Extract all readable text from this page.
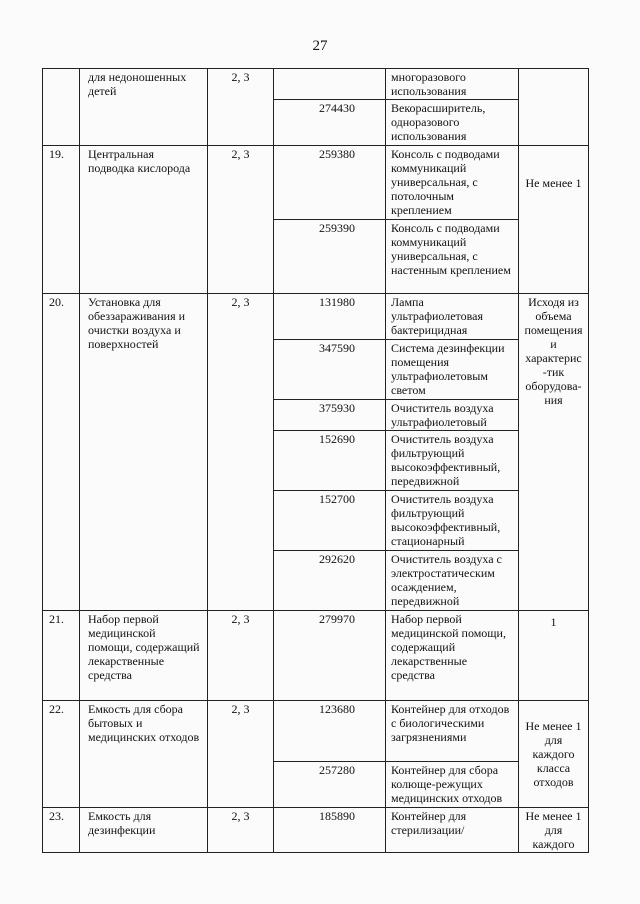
27
	для недоношенных детей	2, 3		многоразового использования	
			274430	Векорасширитель, одноразового использования	
19.	Центральная подводка кислорода	2, 3	259380	Консоль с подводами коммуникаций универсальная, с потолочным креплением	Не менее 1
			259390	Консоль с подводами коммуникаций универсальная, с настенным креплением	
20.	Установка для обеззараживания и очистки воздуха и поверхностей	2, 3	131980	Лампа ультрафиолетовая бактерицидная	Исходя из объема помещения и характерис-тик оборудова-ния
			347590	Система дезинфекции помещения ультрафиолетовым светом	
			375930	Очиститель воздуха ультрафиолетовый	
			152690	Очиститель воздуха фильтрующий высокоэффективный, передвижной	
			152700	Очиститель воздуха фильтрующий высокоэффективный, стационарный	
			292620	Очиститель воздуха с электростатическим осаждением, передвижной	
21.	Набор первой медицинской помощи, содержащий лекарственные средства	2, 3	279970	Набор первой медицинской помощи, содержащий лекарственные средства	1
22.	Емкость для сбора бытовых и медицинских отходов	2, 3	123680	Контейнер для отходов с биологическими загрязнениями	Не менее 1 для каждого класса отходов
			257280	Контейнер для сбора колюще-режущих медицинских отходов	
23.	Емкость для дезинфекции	2, 3	185890	Контейнер для стерилизации/	Не менее 1 для каждого
